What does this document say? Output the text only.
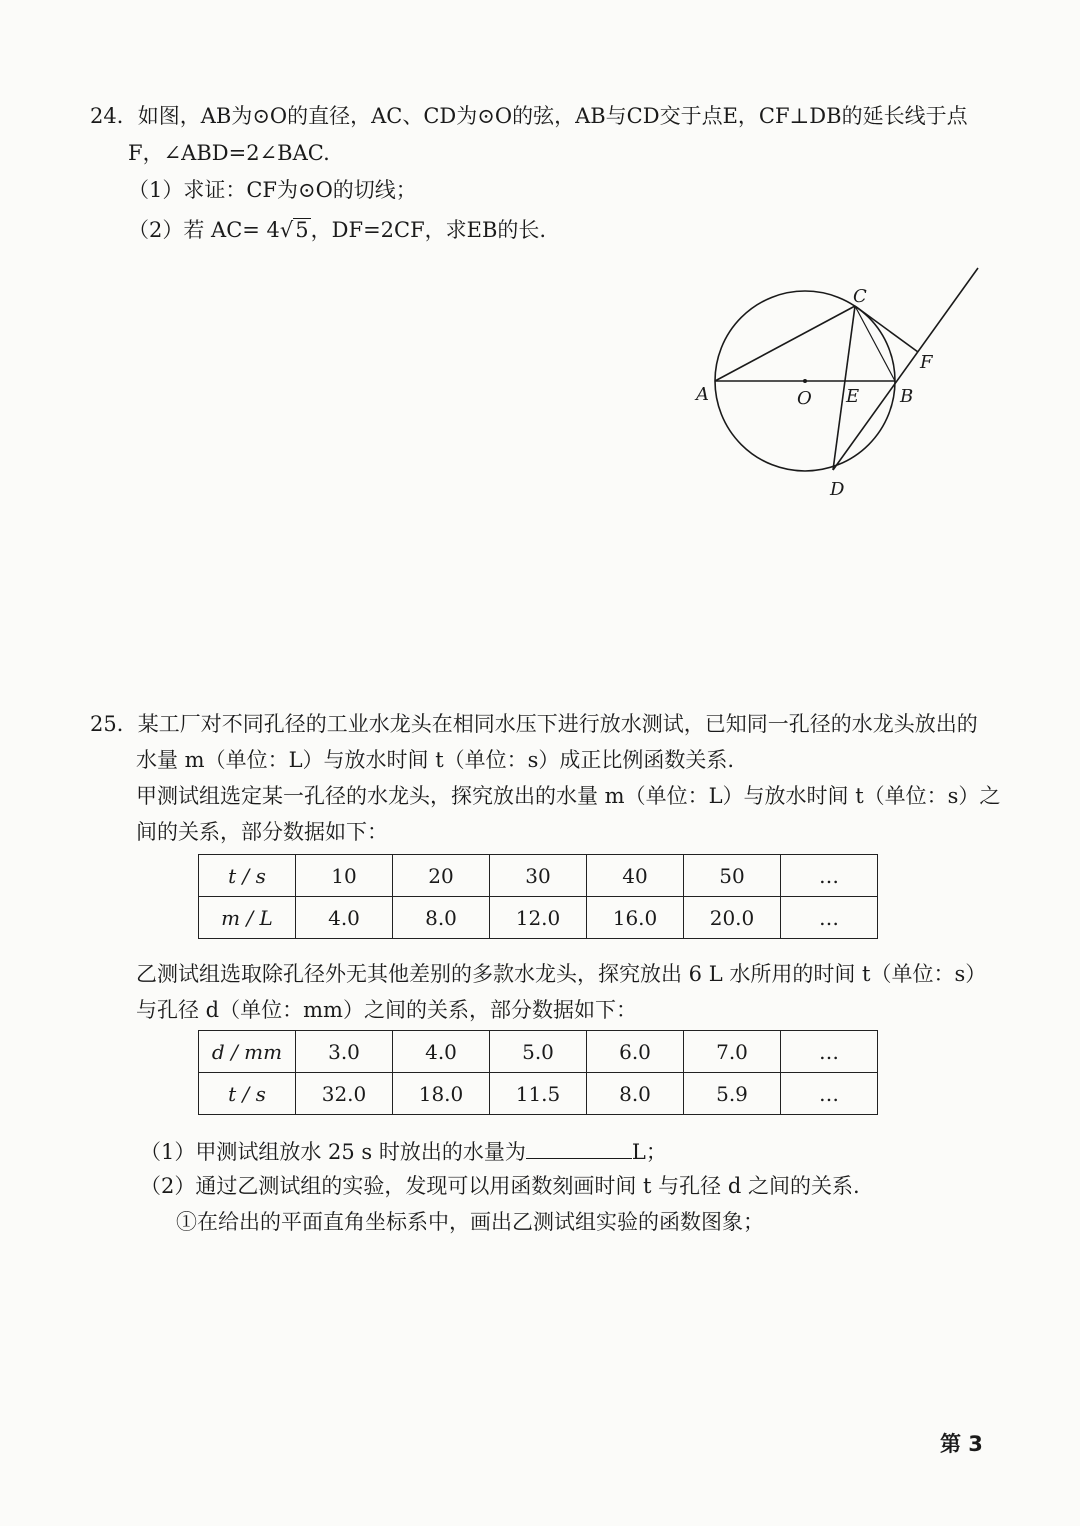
24．如图，AB为⊙O的直径，AC、CD为⊙O的弦，AB与CD交于点E，CF⊥DB的延长线于点
F，∠ABD=2∠BAC.
（1）求证：CF为⊙O的切线；
（2）若 AC= 4√5，DF=2CF，求EB的长.
C
F
A	O E B
D
25．某工厂对不同孔径的工业水龙头在相同水压下进行放水测试，已知同一孔径的水龙头放出的
水量 m（单位：L）与放水时间 t（单位：s）成正比例函数关系.
甲测试组选定某一孔径的水龙头，探究放出的水量 m（单位：L）与放水时间 t（单位：s）之
间的关系，部分数据如下：
t / s	10	20	30	40	50	…
m / L	4.0	8.0	12.0	16.0	20.0	…
乙测试组选取除孔径外无其他差别的多款水龙头，探究放出 6 L 水所用的时间 t（单位：s）
与孔径 d（单位：mm）之间的关系，部分数据如下：
d / mm	3.0	4.0	5.0	6.0	7.0	…
t / s	32.0	18.0	11.5	8.0	5.9	…
（1）甲测试组放水 25 s 时放出的水量为	L；
（2）通过乙测试组的实验，发现可以用函数刻画时间 t 与孔径 d 之间的关系.
①在给出的平面直角坐标系中，画出乙测试组实验的函数图象；
第 3
